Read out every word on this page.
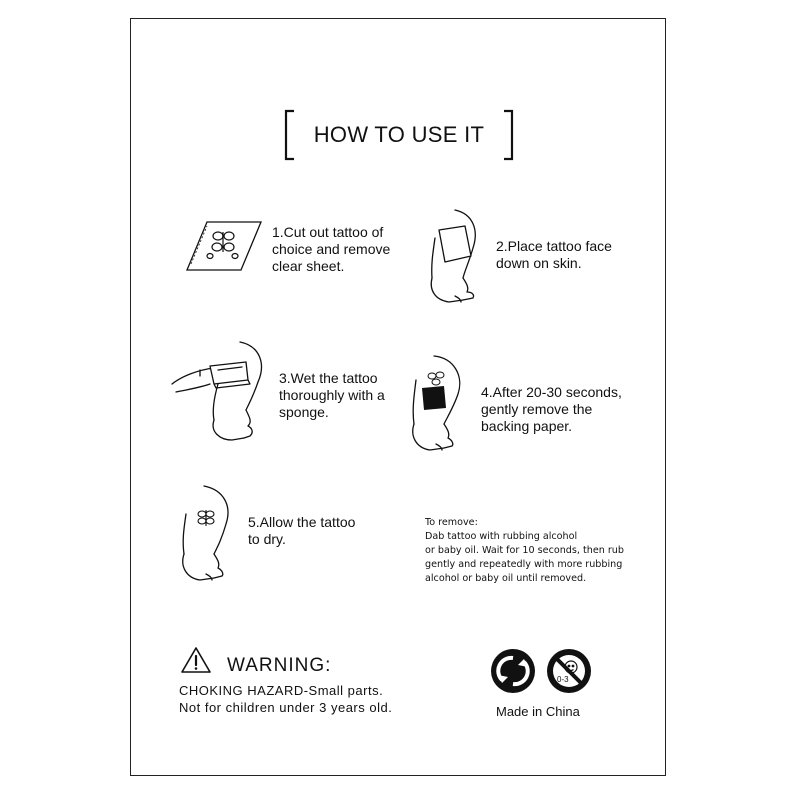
HOW TO USE IT
1.Cut out tattoo of
choice and remove
clear sheet.
2.Place tattoo face
down on skin.
3.Wet the tattoo
thoroughly with a
sponge.
4.After 20-30 seconds,
gently remove the
backing paper.
5.Allow the tattoo
to dry.
To remove:
Dab tattoo with rubbing alcohol
or baby oil. Wait for 10 seconds, then rub
gently and repeatedly with more rubbing
alcohol or baby oil until removed.
WARNING:
CHOKING HAZARD-Small parts.
Not for children under 3 years old.
0-3
Made in China
